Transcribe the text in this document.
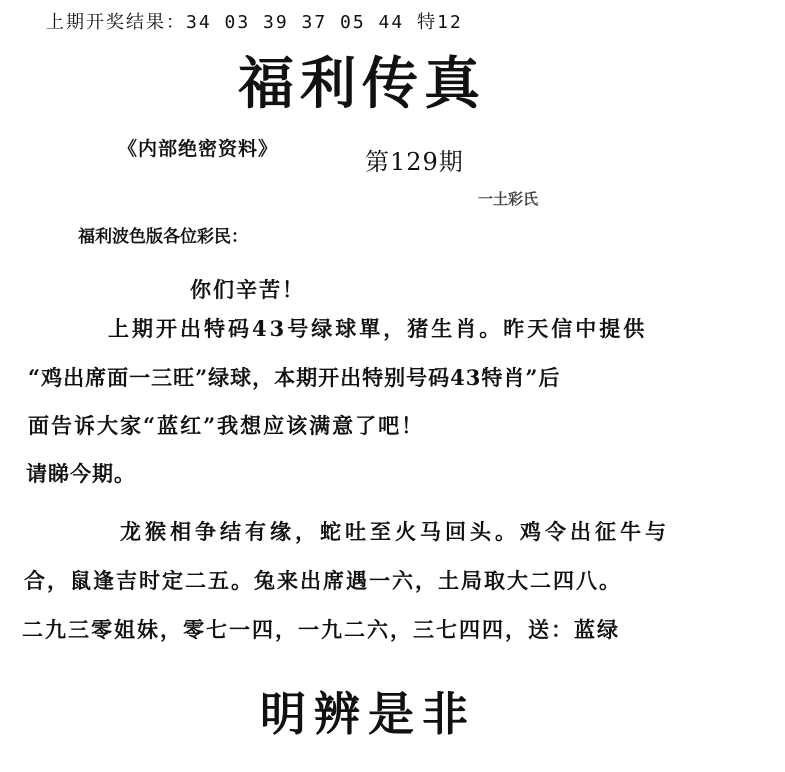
上期开奖结果：34 03 39 37 05 44 特12
福利传真
《内部绝密资料》	第129期
一土彩氏
福利波色版各位彩民：
你们辛苦！
上期开出特码43号绿球單，猪生肖。昨天信中提供
“鸡出席面一三旺”绿球，本期开出特别号码43特肖”后
面告诉大家“蓝红”我想应该满意了吧！
请睇今期。
龙猴相争结有缘，蛇吐至火马回头。鸡令出征牛与
合，鼠逢吉时定二五。兔来出席遇一六，土局取大二四八。
二九三零姐妹，零七一四，一九二六，三七四四，送：蓝绿
明辨是非
